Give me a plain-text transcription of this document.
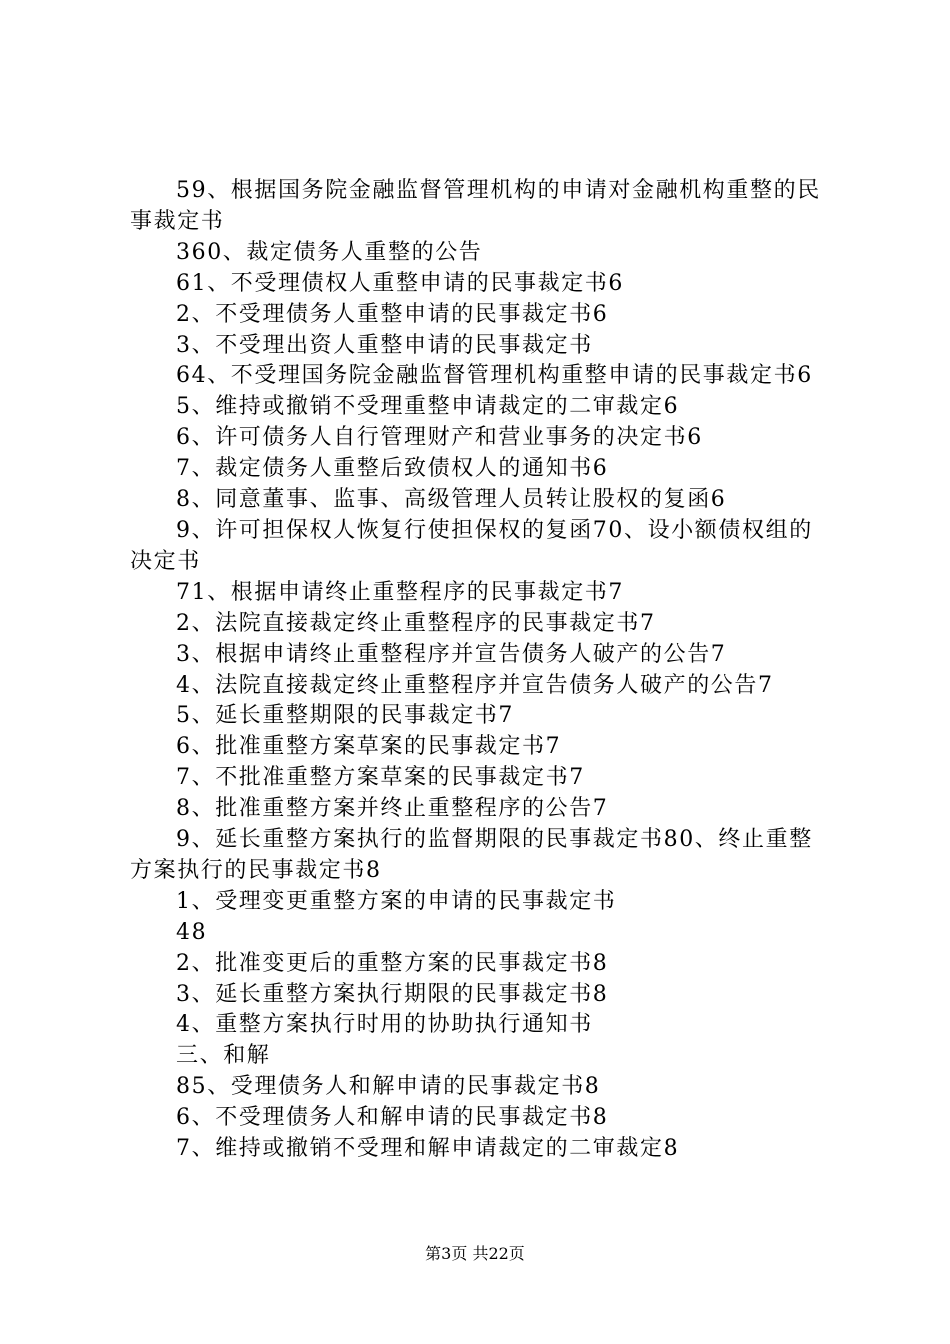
59、根据国务院金融监督管理机构的申请对金融机构重整的民事裁定书

360、裁定债务人重整的公告

61、不受理债权人重整申请的民事裁定书6

2、不受理债务人重整申请的民事裁定书6

3、不受理出资人重整申请的民事裁定书

64、不受理国务院金融监督管理机构重整申请的民事裁定书6

5、维持或撤销不受理重整申请裁定的二审裁定6

6、许可债务人自行管理财产和营业事务的决定书6

7、裁定债务人重整后致债权人的通知书6

8、同意董事、监事、高级管理人员转让股权的复函6

9、许可担保权人恢复行使担保权的复函70、设小额债权组的决定书

71、根据申请终止重整程序的民事裁定书7

2、法院直接裁定终止重整程序的民事裁定书7

3、根据申请终止重整程序并宣告债务人破产的公告7

4、法院直接裁定终止重整程序并宣告债务人破产的公告7

5、延长重整期限的民事裁定书7

6、批准重整方案草案的民事裁定书7

7、不批准重整方案草案的民事裁定书7

8、批准重整方案并终止重整程序的公告7

9、延长重整方案执行的监督期限的民事裁定书80、终止重整方案执行的民事裁定书8

1、受理变更重整方案的申请的民事裁定书

48

2、批准变更后的重整方案的民事裁定书8

3、延长重整方案执行期限的民事裁定书8

4、重整方案执行时用的协助执行通知书

三、和解

85、受理债务人和解申请的民事裁定书8

6、不受理债务人和解申请的民事裁定书8

7、维持或撤销不受理和解申请裁定的二审裁定8

第3页 共22页
